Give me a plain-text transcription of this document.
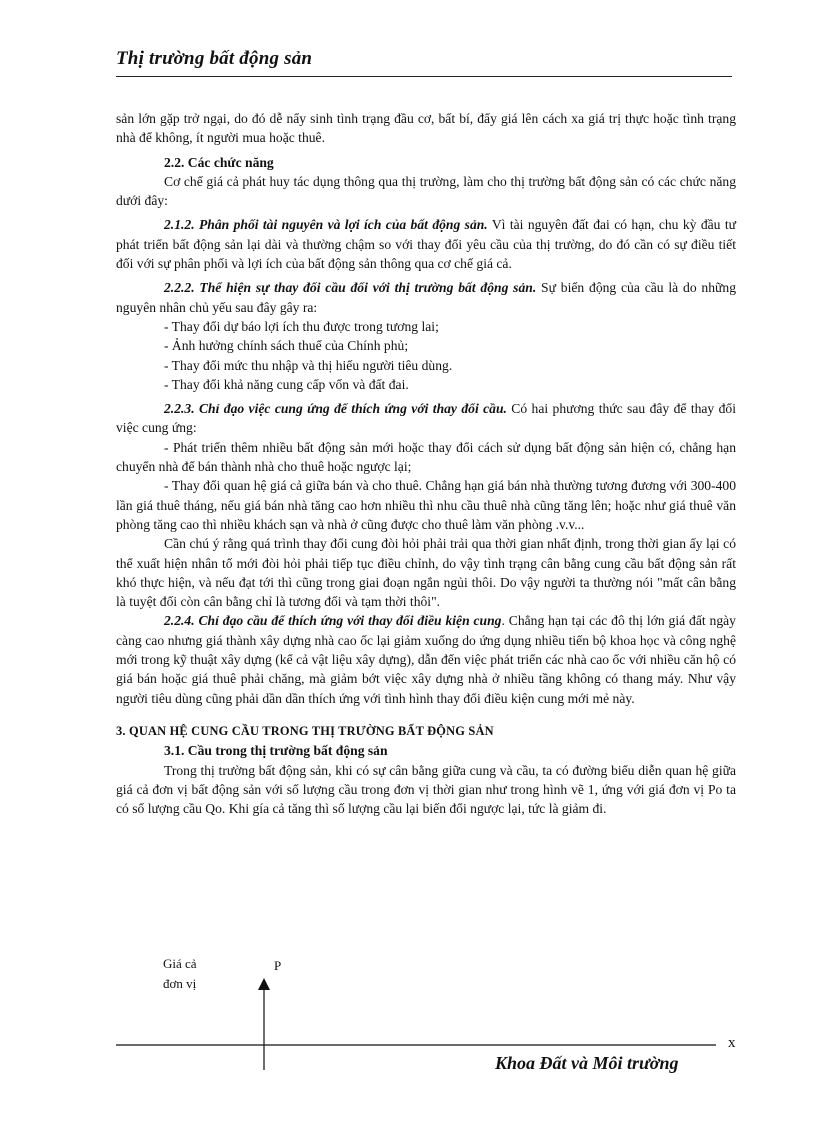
Thị trường bất động sản

sản lớn gặp trở ngại, do đó dễ nẩy sinh tình trạng đầu cơ, bất bí, đẩy giá lên cách xa giá trị thực hoặc tình trạng nhà để không, ít người mua hoặc thuê.

2.2. Các chức năng

Cơ chế giá cả phát huy tác dụng thông qua thị trường, làm cho thị trường bất động sản có các chức năng dưới đây:

2.1.2. Phân phối tài nguyên và lợi ích của bất động sản. Vì tài nguyên đất đai có hạn, chu kỳ đầu tư phát triển bất động sản lại dài và thường chậm so với thay đổi yêu cầu của thị trường, do đó cần có sự điều tiết đối với sự phân phối và lợi ích của bất động sản thông qua cơ chế giá cả.

2.2.2. Thể hiện sự thay đổi cầu đối với thị trường bất động sản. Sự biến động của cầu là do những nguyên nhân chủ yếu sau đây gây ra:

- Thay đổi dự báo lợi ích thu được trong tương lai;

- Ảnh hưởng chính sách thuế của Chính phủ;

- Thay đổi mức thu nhập và thị hiếu người tiêu dùng.

- Thay đổi khả năng cung cấp vốn và đất đai.

2.2.3. Chỉ đạo việc cung ứng để thích ứng với thay đổi cầu. Có hai phương thức sau đây để thay đổi việc cung ứng:

- Phát triển thêm nhiều bất động sản mới hoặc thay đổi cách sử dụng bất động sản hiện có, chẳng hạn chuyển nhà để bán thành nhà cho thuê hoặc ngược lại;

- Thay đổi quan hệ giá cả giữa bán và cho thuê. Chẳng hạn giá bán nhà thường tương đương với 300-400 lần giá thuê tháng, nếu giá bán nhà tăng cao hơn nhiều thì nhu cầu thuê nhà cũng tăng lên; hoặc như giá thuê văn phòng tăng cao thì nhiều khách sạn và nhà ở cũng được cho thuê làm văn phòng .v.v...

Cần chú ý rằng quá trình thay đổi cung đòi hỏi phải trải qua thời gian nhất định, trong thời gian ấy lại có thể xuất hiện nhân tố mới đòi hỏi phải tiếp tục điều chỉnh, do vậy tình trạng cân bằng cung cầu bất động sản rất khó thực hiện, và nếu đạt tới thì cũng trong giai đoạn ngắn ngủi thôi. Do vậy người ta thường nói "mất cân bằng là tuyệt đối còn cân bằng chỉ là tương đối và tạm thời thôi".

2.2.4. Chỉ đạo cầu để thích ứng với thay đổi điều kiện cung. Chẳng hạn tại các đô thị lớn giá đất ngày càng cao nhưng giá thành xây dựng nhà cao ốc lại giảm xuống do ứng dụng nhiều tiến bộ khoa học và công nghệ mới trong kỹ thuật xây dựng (kể cả vật liệu xây dựng), dẫn đến việc phát triển các nhà cao ốc với nhiều căn hộ có giá bán hoặc giá thuê phải chăng, mà giảm bớt việc xây dựng nhà ở nhiều tầng không có thang máy. Như vậy người tiêu dùng cũng phải dần dần thích ứng với tình hình thay đổi điều kiện cung mới mẻ này.

3. QUAN HỆ CUNG CẦU TRONG THỊ TRƯỜNG BẤT ĐỘNG SẢN

3.1. Cầu trong thị trường bất động sản

Trong thị trường bất động sản, khi có sự cân bằng giữa cung và cầu, ta có đường biểu diễn quan hệ giữa giá cả đơn vị bất động sản với số lượng cầu trong đơn vị thời gian như trong hình vẽ 1, ứng với giá đơn vị Po ta có số lượng cầu Qo. Khi gía cả tăng thì số lượng cầu lại biến đổi ngược lại, tức là giảm đi.

Giá cả
đơn vị
P
x
Khoa Đất và Môi trường
